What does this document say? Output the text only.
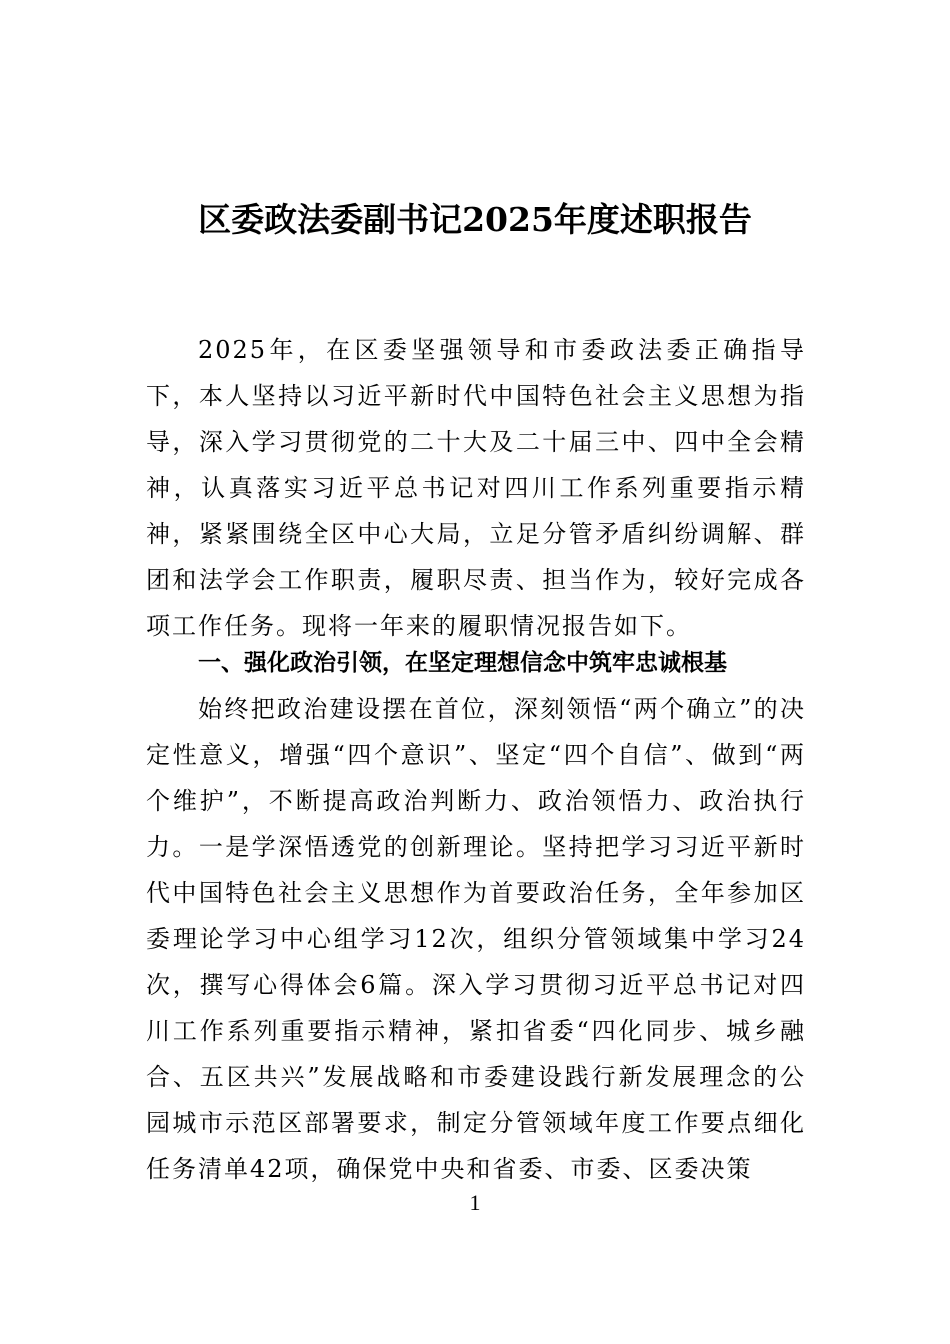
区委政法委副书记2025年度述职报告
2025年，在区委坚强领导和市委政法委正确指导下，本人坚持以习近平新时代中国特色社会主义思想为指导，深入学习贯彻党的二十大及二十届三中、四中全会精神，认真落实习近平总书记对四川工作系列重要指示精神，紧紧围绕全区中心大局，立足分管矛盾纠纷调解、群团和法学会工作职责，履职尽责、担当作为，较好完成各项工作任务。现将一年来的履职情况报告如下。
一、强化政治引领，在坚定理想信念中筑牢忠诚根基
始终把政治建设摆在首位，深刻领悟“两个确立”的决定性意义，增强“四个意识”、坚定“四个自信”、做到“两个维护”，不断提高政治判断力、政治领悟力、政治执行力。一是学深悟透党的创新理论。坚持把学习习近平新时代中国特色社会主义思想作为首要政治任务，全年参加区委理论学习中心组学习12次，组织分管领域集中学习24次，撰写心得体会6篇。深入学习贯彻习近平总书记对四川工作系列重要指示精神，紧扣省委“四化同步、城乡融合、五区共兴”发展战略和市委建设践行新发展理念的公园城市示范区部署要求，制定分管领域年度工作要点细化任务清单42项，确保党中央和省委、市委、区委决策
1
